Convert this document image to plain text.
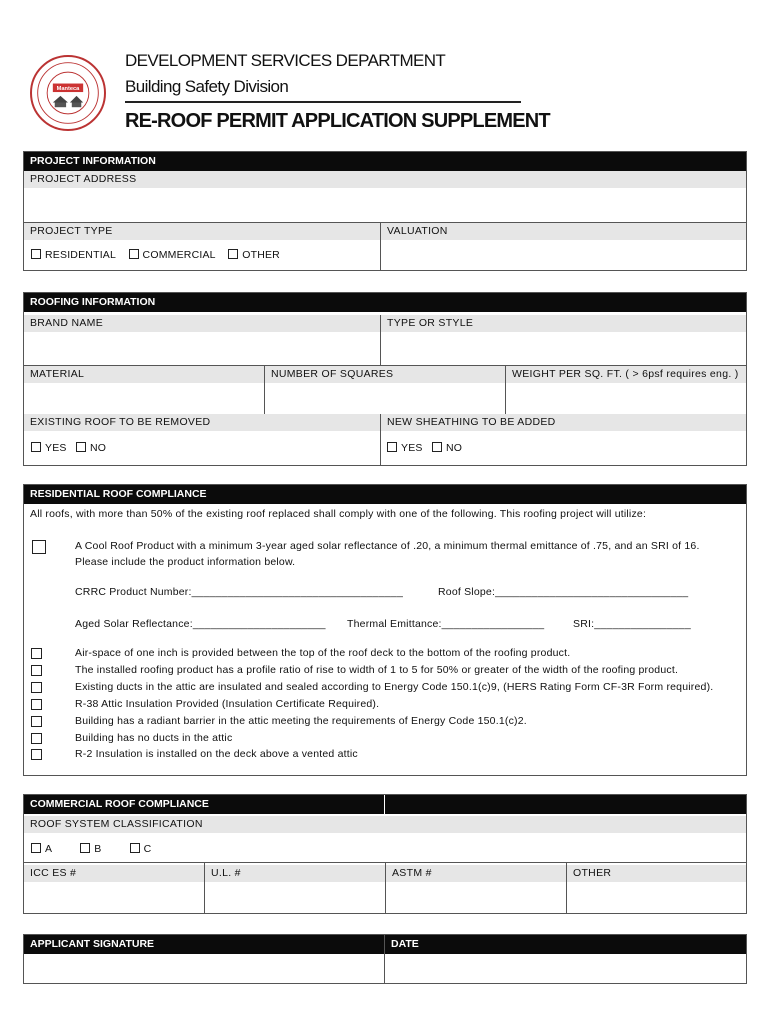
Manteca
DEVELOPMENT SERVICES DEPARTMENT
Building Safety Division
RE-ROOF PERMIT APPLICATION SUPPLEMENT
PROJECT INFORMATION
PROJECT ADDRESS
PROJECT TYPE	VALUATION
RESIDENTIAL	COMMERCIAL	OTHER
ROOFING INFORMATION
BRAND NAME	TYPE OR STYLE
MATERIAL	NUMBER OF SQUARES	WEIGHT PER SQ. FT. ( > 6psf requires eng. )
EXISTING ROOF TO BE REMOVED	NEW SHEATHING TO BE ADDED
YES NO	YES NO
RESIDENTIAL ROOF COMPLIANCE
All roofs, with more than 50% of the existing roof replaced shall comply with one of the following. This roofing project will utilize:
A Cool Roof Product with a minimum 3-year aged solar reflectance of .20, a minimum thermal emittance of .75, and an SRI of 16.
Please include the product information below.
CRRC Product Number:___________________________________	Roof Slope:________________________________
Aged Solar Reflectance:______________________ Thermal Emittance:_________________	SRI:________________
Air-space of one inch is provided between the top of the roof deck to the bottom of the roofing product.
The installed roofing product has a profile ratio of rise to width of 1 to 5 for 50% or greater of the width of the roofing product.
Existing ducts in the attic are insulated and sealed according to Energy Code 150.1(c)9, (HERS Rating Form CF-3R Form required).
R-38 Attic Insulation Provided (Insulation Certificate Required).
Building has a radiant barrier in the attic meeting the requirements of Energy Code 150.1(c)2.
Building has no ducts in the attic
R-2 Insulation is installed on the deck above a vented attic
COMMERCIAL ROOF COMPLIANCE
ROOF SYSTEM CLASSIFICATION
A	B	C
ICC ES #	U.L. #	ASTM #	OTHER
APPLICANT SIGNATURE	DATE
